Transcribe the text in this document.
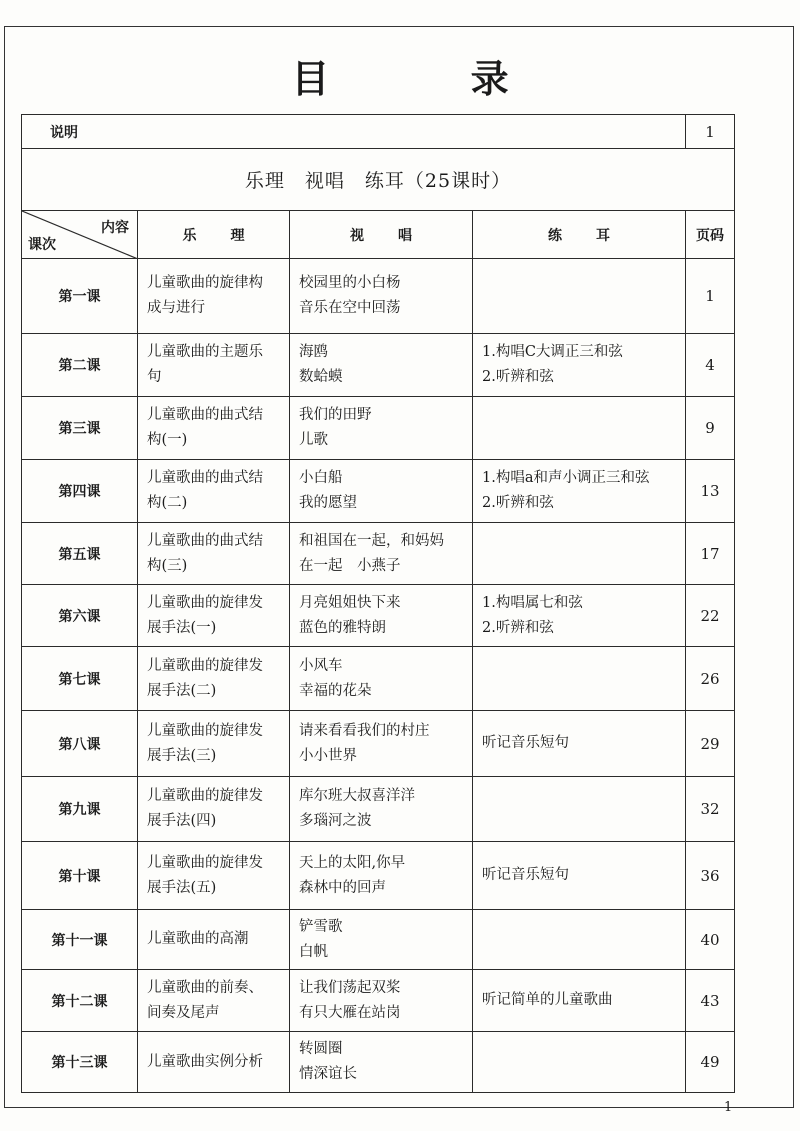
目 录
说明				1
乐理　视唱　练耳（25课时）				

内容
课次	乐理	视唱	练耳	页码
第一课	儿童歌曲的旋律构
成与进行	校园里的小白杨
音乐在空中回荡		1
第二课	儿童歌曲的主题乐
句	海鸥
数蛤蟆	1.构唱C大调正三和弦
2.听辨和弦	4
第三课	儿童歌曲的曲式结
构(一)	我们的田野
儿歌		9
第四课	儿童歌曲的曲式结
构(二)	小白船
我的愿望	1.构唱a和声小调正三和弦
2.听辨和弦	13
第五课	儿童歌曲的曲式结
构(三)	和祖国在一起，和妈妈
在一起　小燕子		17
第六课	儿童歌曲的旋律发
展手法(一)	月亮姐姐快下来
蓝色的雅特朗	1.构唱属七和弦
2.听辨和弦	22
第七课	儿童歌曲的旋律发
展手法(二)	小风车
幸福的花朵		26
第八课	儿童歌曲的旋律发
展手法(三)	请来看看我们的村庄
小小世界	听记音乐短句	29
第九课	儿童歌曲的旋律发
展手法(四)	库尔班大叔喜洋洋
多瑙河之波		32
第十课	儿童歌曲的旋律发
展手法(五)	天上的太阳,你早
森林中的回声	听记音乐短句	36
第十一课	儿童歌曲的高潮	铲雪歌
白帆		40
第十二课	儿童歌曲的前奏、
间奏及尾声	让我们荡起双桨
有只大雁在站岗	听记简单的儿童歌曲	43
第十三课	儿童歌曲实例分析	转圆圈
情深谊长		49
1
